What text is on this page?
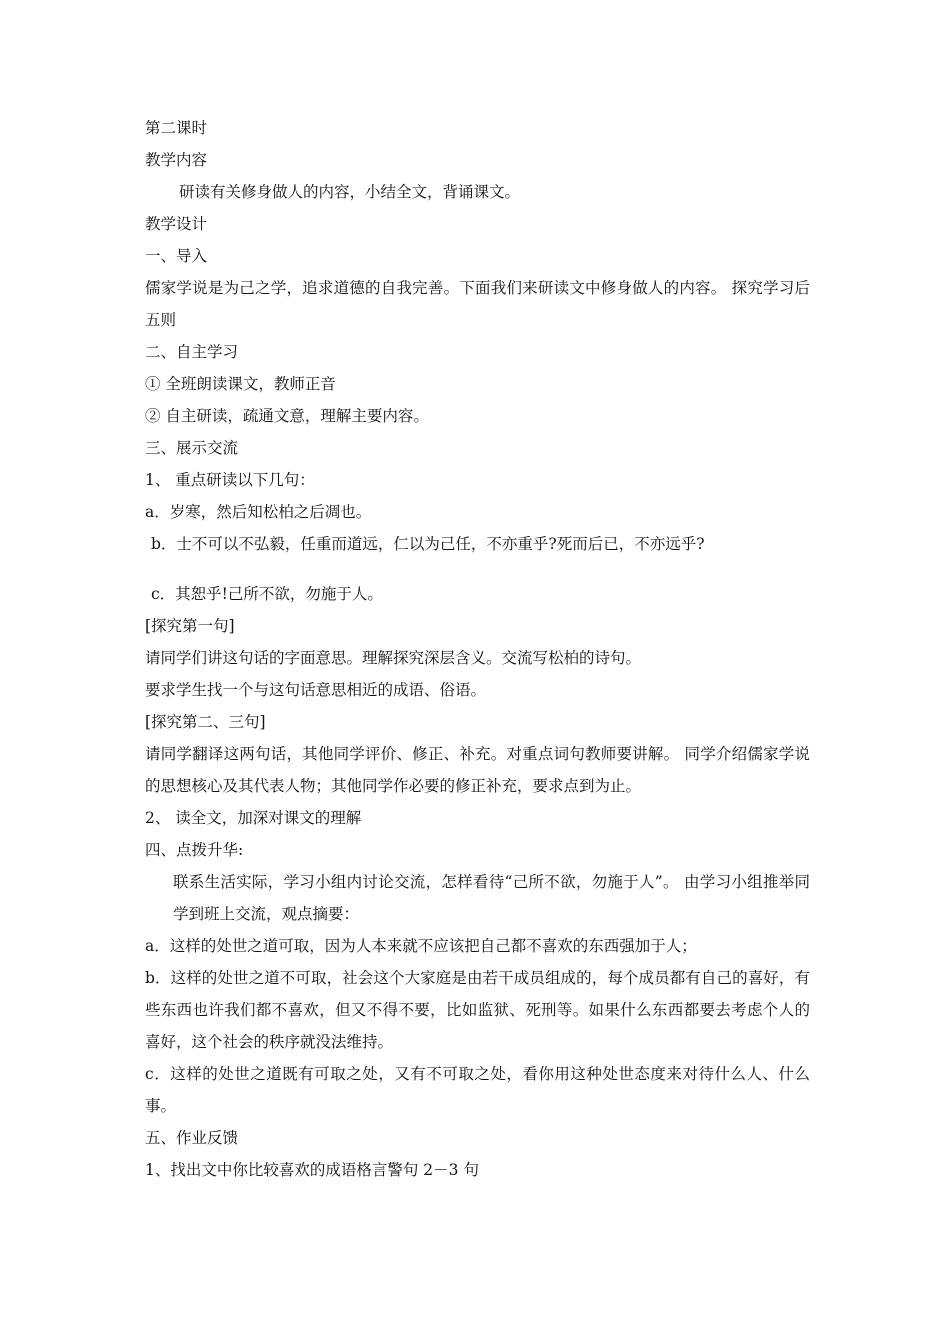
第二课时
教学内容
研读有关修身做人的内容，小结全文，背诵课文。
教学设计
一、导入
儒家学说是为己之学，追求道德的自我完善。下面我们来研读文中修身做人的内容。 探究学习后五则
二、自主学习
① 全班朗读课文，教师正音
② 自主研读，疏通文意，理解主要内容。
三、展示交流
1、 重点研读以下几句：
a．岁寒，然后知松柏之后凋也。
b．士不可以不弘毅，任重而道远，仁以为己任，不亦重乎?死而后已，不亦远乎?
c．其恕乎!己所不欲，勿施于人。
[探究第一句]
请同学们讲这句话的字面意思。理解探究深层含义。交流写松柏的诗句。
要求学生找一个与这句话意思相近的成语、俗语。
[探究第二、三句]
请同学翻译这两句话，其他同学评价、修正、补充。对重点词句教师要讲解。 同学介绍儒家学说的思想核心及其代表人物；其他同学作必要的修正补充，要求点到为止。
2、 读全文，加深对课文的理解
四、点拨升华:
联系生活实际，学习小组内讨论交流，怎样看待“己所不欲，勿施于人”。 由学习小组推举同学到班上交流，观点摘要：
a．这样的处世之道可取，因为人本来就不应该把自己都不喜欢的东西强加于人；
b．这样的处世之道不可取，社会这个大家庭是由若干成员组成的，每个成员都有自己的喜好，有些东西也许我们都不喜欢，但又不得不要，比如监狱、死刑等。如果什么东西都要去考虑个人的喜好，这个社会的秩序就没法维持。
c．这样的处世之道既有可取之处，又有不可取之处，看你用这种处世态度来对待什么人、什么事。
五、作业反馈
1、找出文中你比较喜欢的成语格言警句 2－3 句
